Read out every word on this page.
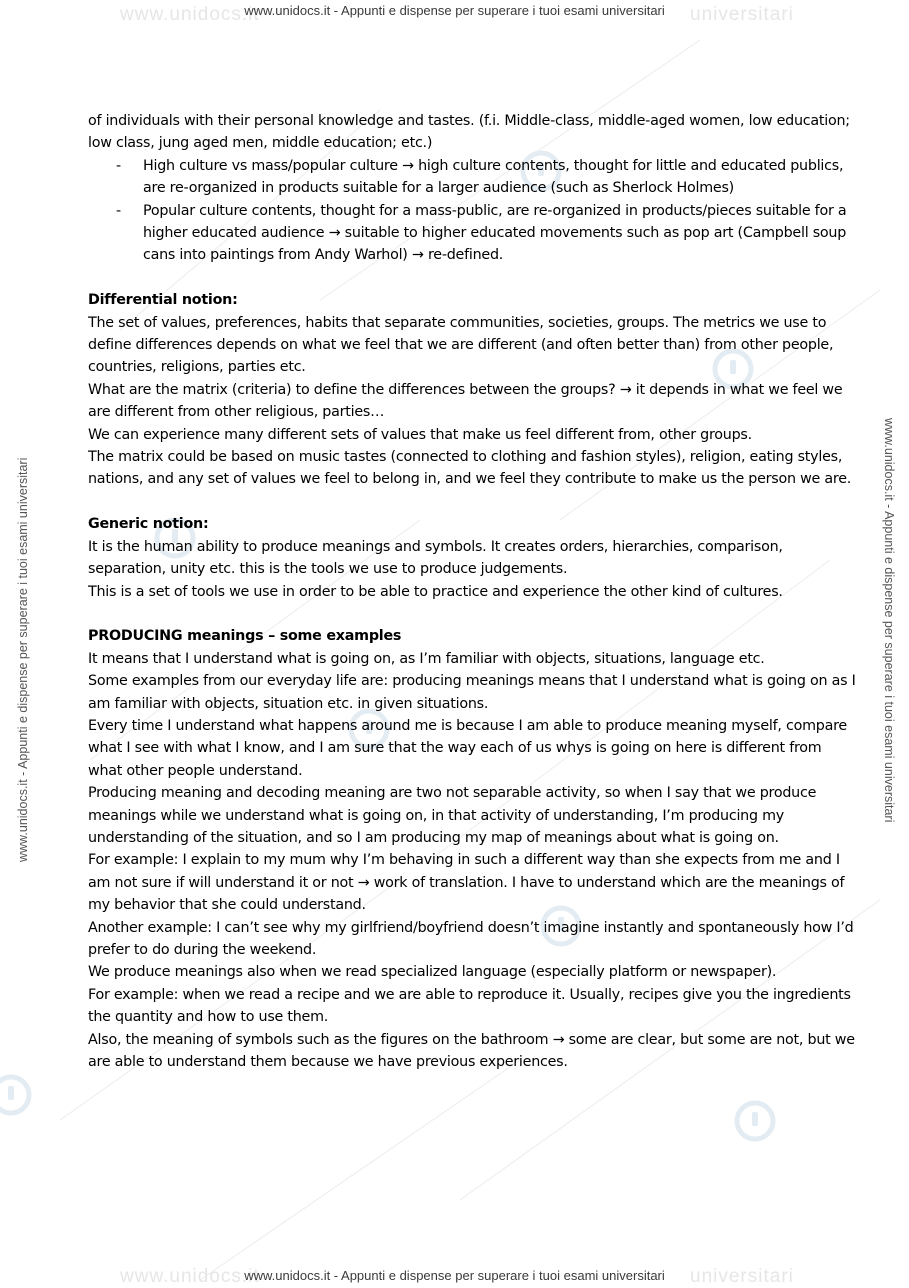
www.unidocs.it	universitari
www.unidocs.it	universitari
www.unidocs.it - Appunti e dispense per superare i tuoi esami universitari
www.unidocs.it - Appunti e dispense per superare i tuoi esami universitari
www.unidocs.it - Appunti e dispense per superare i tuoi esami universitari	www.unidocs.it - Appunti e dispense per superare i tuoi esami universitari

of individuals with their personal knowledge and tastes. (f.i. Middle-class, middle-aged women, low education; low class, jung aged men, middle education; etc.)

- High culture vs mass/popular culture → high culture contents, thought for little and educated publics, are re-organized in products suitable for a larger audience (such as Sherlock Holmes)
- Popular culture contents, thought for a mass-public, are re-organized in products/pieces suitable for a higher educated audience → suitable to higher educated movements such as pop art (Campbell soup cans into paintings from Andy Warhol) → re-defined.

Differential notion:

The set of values, preferences, habits that separate communities, societies, groups. The metrics we use to define differences depends on what we feel that we are different (and often better than) from other people, countries, religions, parties etc.

What are the matrix (criteria) to define the differences between the groups? → it depends in what we feel we are different from other religious, parties…

We can experience many different sets of values that make us feel different from, other groups.

The matrix could be based on music tastes (connected to clothing and fashion styles), religion, eating styles, nations, and any set of values we feel to belong in, and we feel they contribute to make us the person we are.

Generic notion:

It is the human ability to produce meanings and symbols. It creates orders, hierarchies, comparison, separation, unity etc. this is the tools we use to produce judgements.

This is a set of tools we use in order to be able to practice and experience the other kind of cultures.

PRODUCING meanings – some examples

It means that I understand what is going on, as I’m familiar with objects, situations, language etc.

Some examples from our everyday life are: producing meanings means that I understand what is going on as I am familiar with objects, situation etc. in given situations.

Every time I understand what happens around me is because I am able to produce meaning myself, compare what I see with what I know, and I am sure that the way each of us whys is going on here is different from what other people understand.

Producing meaning and decoding meaning are two not separable activity, so when I say that we produce meanings while we understand what is going on, in that activity of understanding, I’m producing my understanding of the situation, and so I am producing my map of meanings about what is going on.

For example: I explain to my mum why I’m behaving in such a different way than she expects from me and I am not sure if will understand it or not → work of translation. I have to understand which are the meanings of my behavior that she could understand.

Another example: I can’t see why my girlfriend/boyfriend doesn’t imagine instantly and spontaneously how I’d prefer to do during the weekend.

We produce meanings also when we read specialized language (especially platform or newspaper).

For example: when we read a recipe and we are able to reproduce it. Usually, recipes give you the ingredients the quantity and how to use them.

Also, the meaning of symbols such as the figures on the bathroom → some are clear, but some are not, but we are able to understand them because we have previous experiences.
